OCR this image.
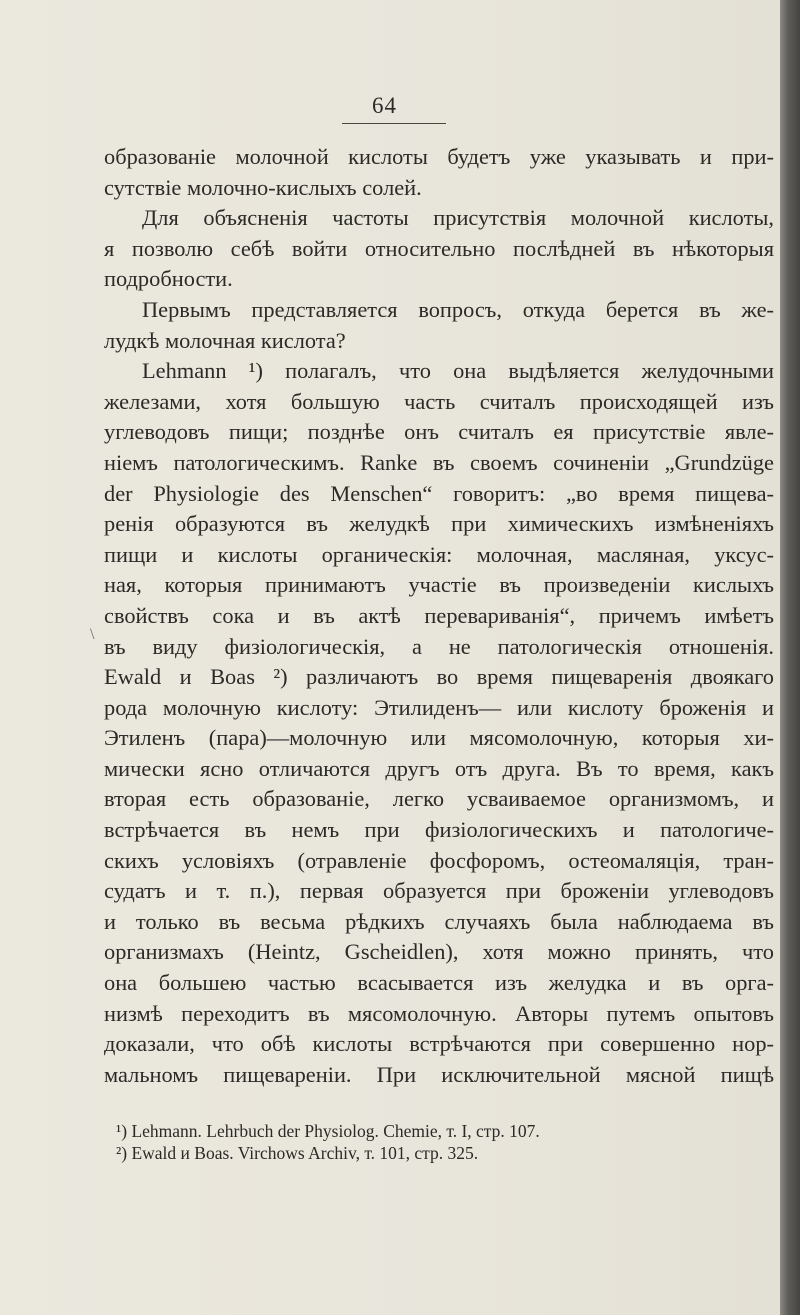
64
\
образованіе молочной кислоты будетъ уже указывать и при-
сутствіе молочно-кислыхъ солей.
Для объясненія частоты присутствія молочной кислоты,
я позволю себѣ войти относительно послѣдней въ нѣкоторыя
подробности.
Первымъ представляется вопросъ, откуда берется въ же-
лудкѣ молочная кислота?
Lehmann ¹) полагалъ, что она выдѣляется желудочными
железами, хотя большую часть считалъ происходящей изъ
углеводовъ пищи; позднѣе онъ считалъ ея присутствіе явле-
ніемъ патологическимъ. Ranke въ своемъ сочиненіи „Grundzüge
der Physiologie des Menschen“ говоритъ: „во время пищева-
ренія образуются въ желудкѣ при химическихъ измѣненіяхъ
пищи и кислоты органическія: молочная, масляная, уксус-
ная, которыя принимаютъ участіе въ произведеніи кислыхъ
свойствъ сока и въ актѣ перевариванія“, причемъ имѣетъ
въ виду физіологическія, а не патологическія отношенія.
Ewald и Boas ²) различаютъ во время пищеваренія двоякаго
рода молочную кислоту: Этилиденъ— или кислоту броженія и
Этиленъ (пара)—молочную или мясомолочную, которыя хи-
мически ясно отличаются другъ отъ друга. Въ то время, какъ
вторая есть образованіе, легко усваиваемое организмомъ, и
встрѣчается въ немъ при физіологическихъ и патологиче-
скихъ условіяхъ (отравленіе фосфоромъ, остеомаляція, тран-
судатъ и т. п.), первая образуется при броженіи углеводовъ
и только въ весьма рѣдкихъ случаяхъ была наблюдаема въ
организмахъ (Heintz, Gscheidlen), хотя можно принять, что
она большею частью всасывается изъ желудка и въ орга-
низмѣ переходитъ въ мясомолочную. Авторы путемъ опытовъ
доказали, что обѣ кислоты встрѣчаются при совершенно нор-
мальномъ пищевареніи. При исключительной мясной пищѣ
¹) Lehmann. Lehrbuch der Physiolog. Chemie, т. I, стр. 107.
²) Ewald и Boas. Virchows Archiv, т. 101, стр. 325.
